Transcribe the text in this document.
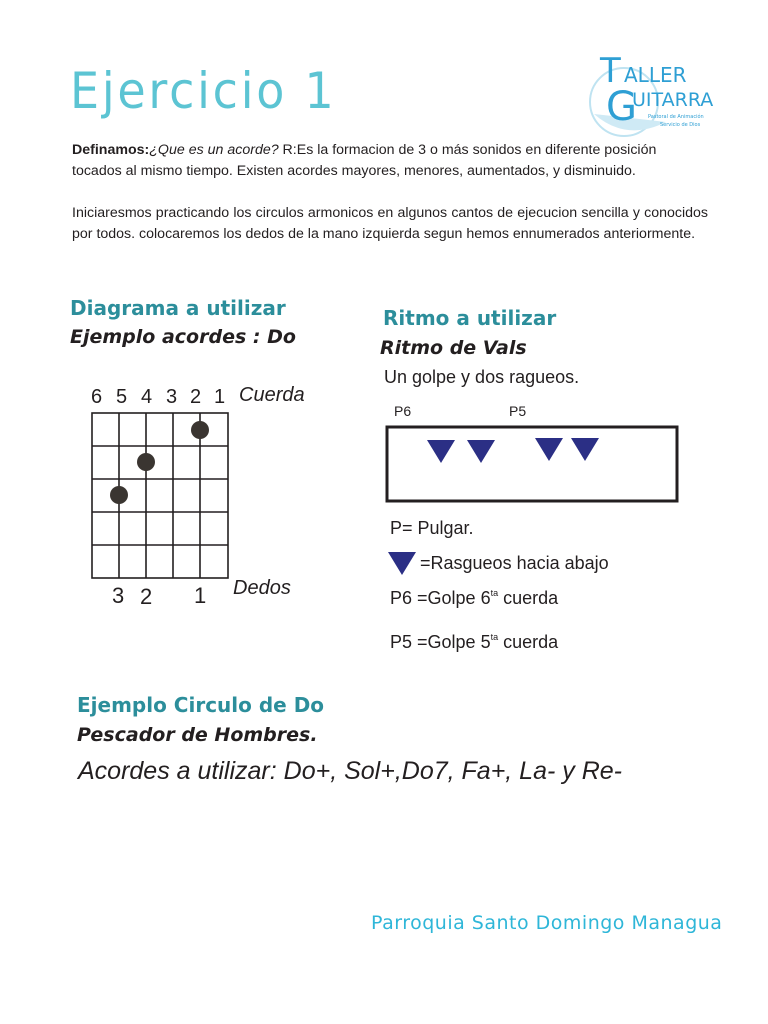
Ejercicio 1	T ALLER
G
UITARRA
Pastoral de Animación
Servicio de Dios
Definamos:¿Que es un acorde? R:Es la formacion de 3 o más sonidos en diferente posición tocados al mismo tiempo. Existen acordes mayores, menores, aumentados, y disminuido.
Iniciaresmos practicando los circulos armonicos en algunos cantos de ejecucion sencilla y conocidos por todos. colocaremos los dedos de la mano izquierda segun hemos ennumerados anteriormente.
Diagrama a utilizar
Ejemplo acordes : Do
6 5 4 3 2 1 Cuerda
3 2 1 Dedos
Ritmo a utilizar
Ritmo de Vals
Un golpe y dos ragueos.
P6	P5
P= Pulgar.
=Rasgueos hacia abajo
P6 =Golpe $6^{ta}$ cuerda
P5 =Golpe $5^{ta}$ cuerda
Ejemplo Circulo de Do
Pescador de Hombres.
Acordes a utilizar: Do+, Sol+,Do7, Fa+, La- y Re-
Parroquia Santo Domingo Managua
